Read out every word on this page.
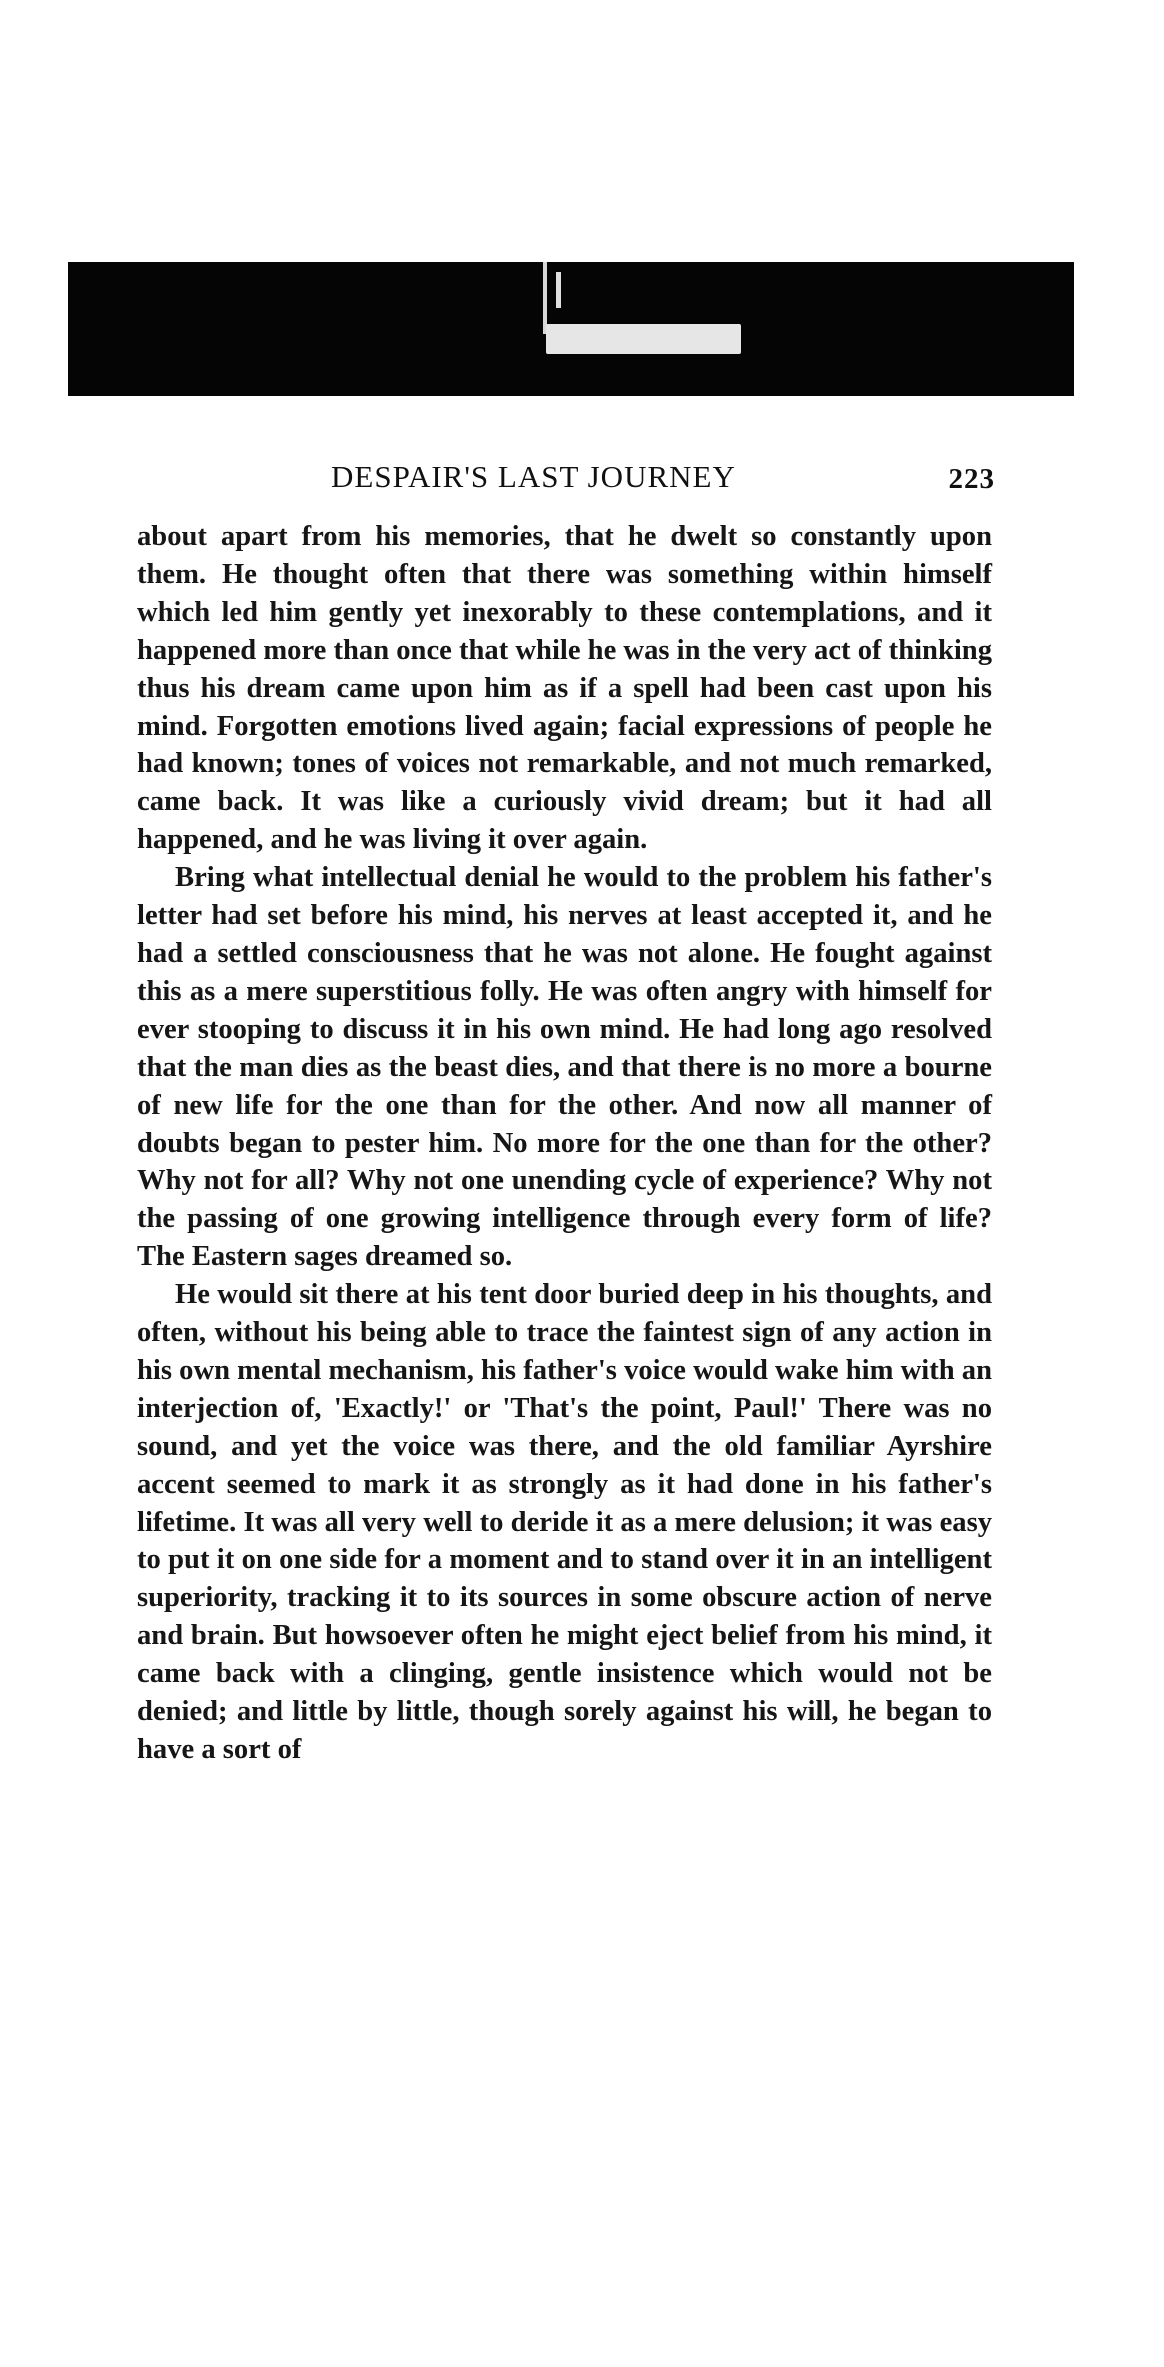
DESPAIR'S LAST JOURNEY	223

about apart from his memories, that he dwelt so constantly upon them. He thought often that there was something within himself which led him gently yet inexorably to these contemplations, and it happened more than once that while he was in the very act of thinking thus his dream came upon him as if a spell had been cast upon his mind. Forgotten emotions lived again; facial expressions of people he had known; tones of voices not remarkable, and not much remarked, came back. It was like a curiously vivid dream; but it had all happened, and he was living it over again.

Bring what intellectual denial he would to the problem his father's letter had set before his mind, his nerves at least accepted it, and he had a settled consciousness that he was not alone. He fought against this as a mere superstitious folly. He was often angry with himself for ever stooping to discuss it in his own mind. He had long ago resolved that the man dies as the beast dies, and that there is no more a bourne of new life for the one than for the other. And now all manner of doubts began to pester him. No more for the one than for the other? Why not for all? Why not one unending cycle of experience? Why not the passing of one growing intelligence through every form of life? The Eastern sages dreamed so.

He would sit there at his tent door buried deep in his thoughts, and often, without his being able to trace the faintest sign of any action in his own mental mechanism, his father's voice would wake him with an interjection of, 'Exactly!' or 'That's the point, Paul!' There was no sound, and yet the voice was there, and the old familiar Ayrshire accent seemed to mark it as strongly as it had done in his father's lifetime. It was all very well to deride it as a mere delusion; it was easy to put it on one side for a moment and to stand over it in an intelligent superiority, tracking it to its sources in some obscure action of nerve and brain. But howsoever often he might eject belief from his mind, it came back with a clinging, gentle insistence which would not be denied; and little by little, though sorely against his will, he began to have a sort of
